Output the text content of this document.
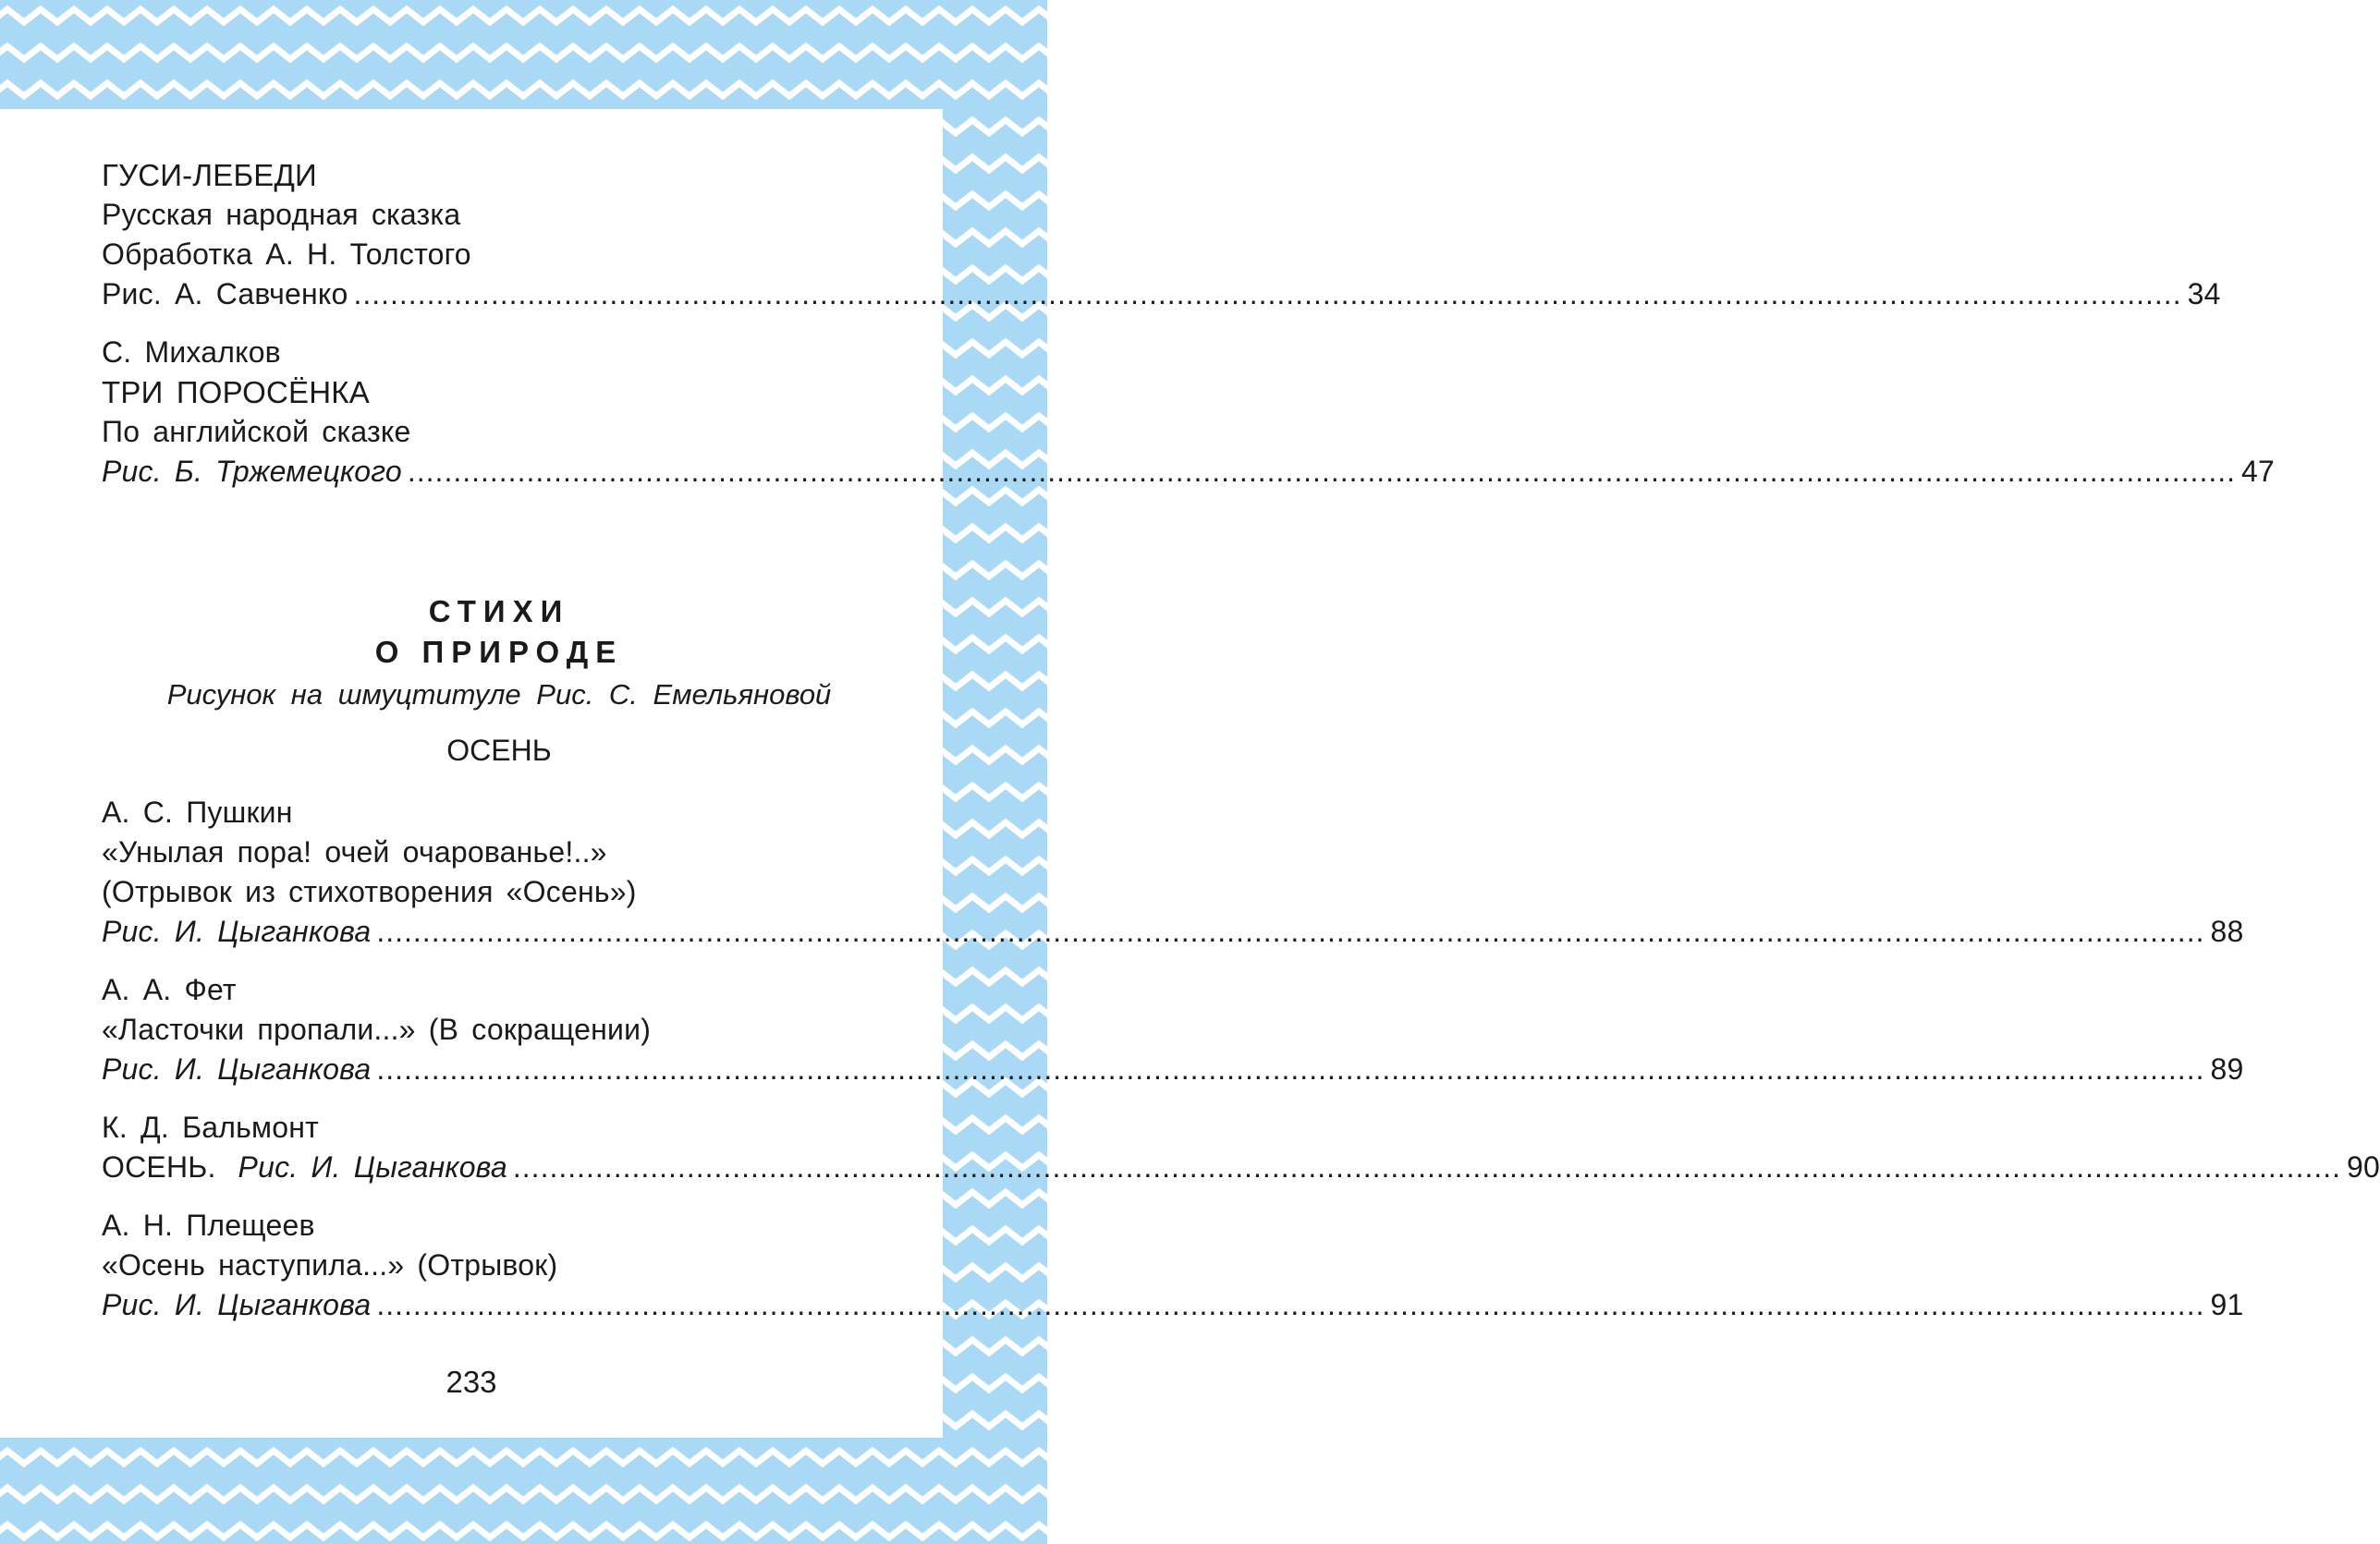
ГУСИ-ЛЕБЕДИ
Русская народная сказка
Обработка А. Н. Толстого
Рис. А. Савченко ........................................................................................................................................................................................................ 34
С. Михалков
ТРИ ПОРОСЁНКА
По английской сказке
Рис. Б. Тржемецкого ........................................................................................................................................................................................................ 47
СТИХИ
О ПРИРОДЕ
Рисунок на шмуцтитуле Рис. С. Емельяновой
ОСЕНЬ
А. С. Пушкин
«Унылая пора! очей очарованье!..»
(Отрывок из стихотворения «Осень»)
Рис. И. Цыганкова ........................................................................................................................................................................................................ 88
А. А. Фет
«Ласточки пропали...» (В сокращении)
Рис. И. Цыганкова ........................................................................................................................................................................................................ 89
К. Д. Бальмонт
ОСЕНЬ. Рис. И. Цыганкова ........................................................................................................................................................................................................ 90
А. Н. Плещеев
«Осень наступила...» (Отрывок)
Рис. И. Цыганкова ........................................................................................................................................................................................................ 91
233
